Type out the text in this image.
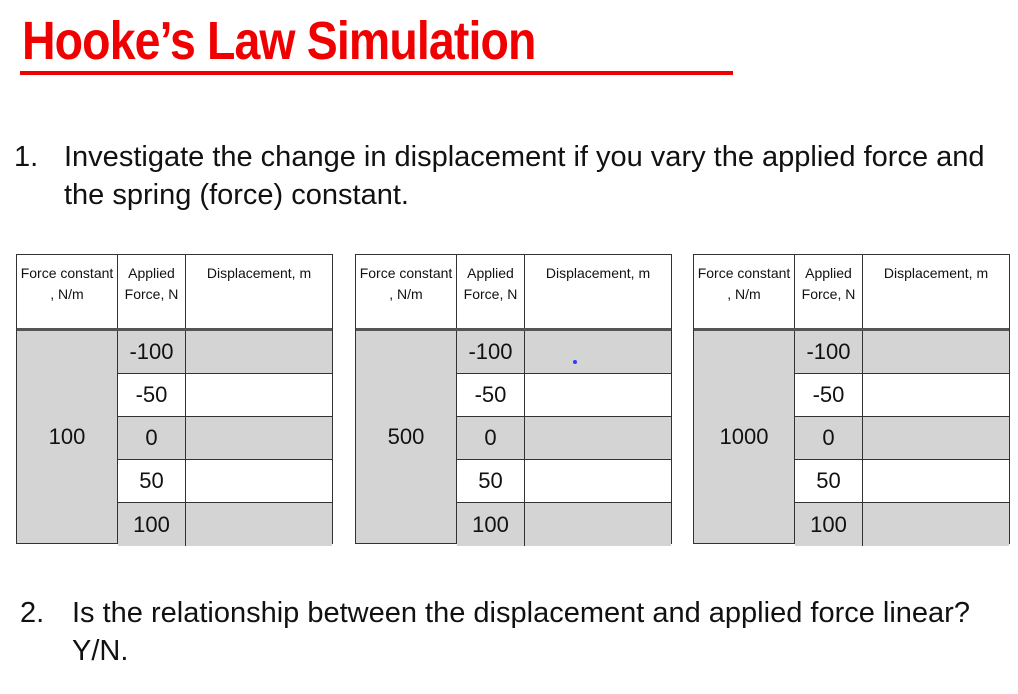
Hooke’s Law Simulation
1. Investigate the change in displacement if you vary the applied force and the spring (force) constant.
Force constant , N/m
Applied Force, N
Displacement, m
100
-100
-50
0
50
100
Force constant , N/m
Applied Force, N
Displacement, m
500
-100
-50
0
50
100
Force constant , N/m
Applied Force, N
Displacement, m
1000
-100
-50
0
50
100
2. Is the relationship between the displacement and applied force linear? Y/N.
